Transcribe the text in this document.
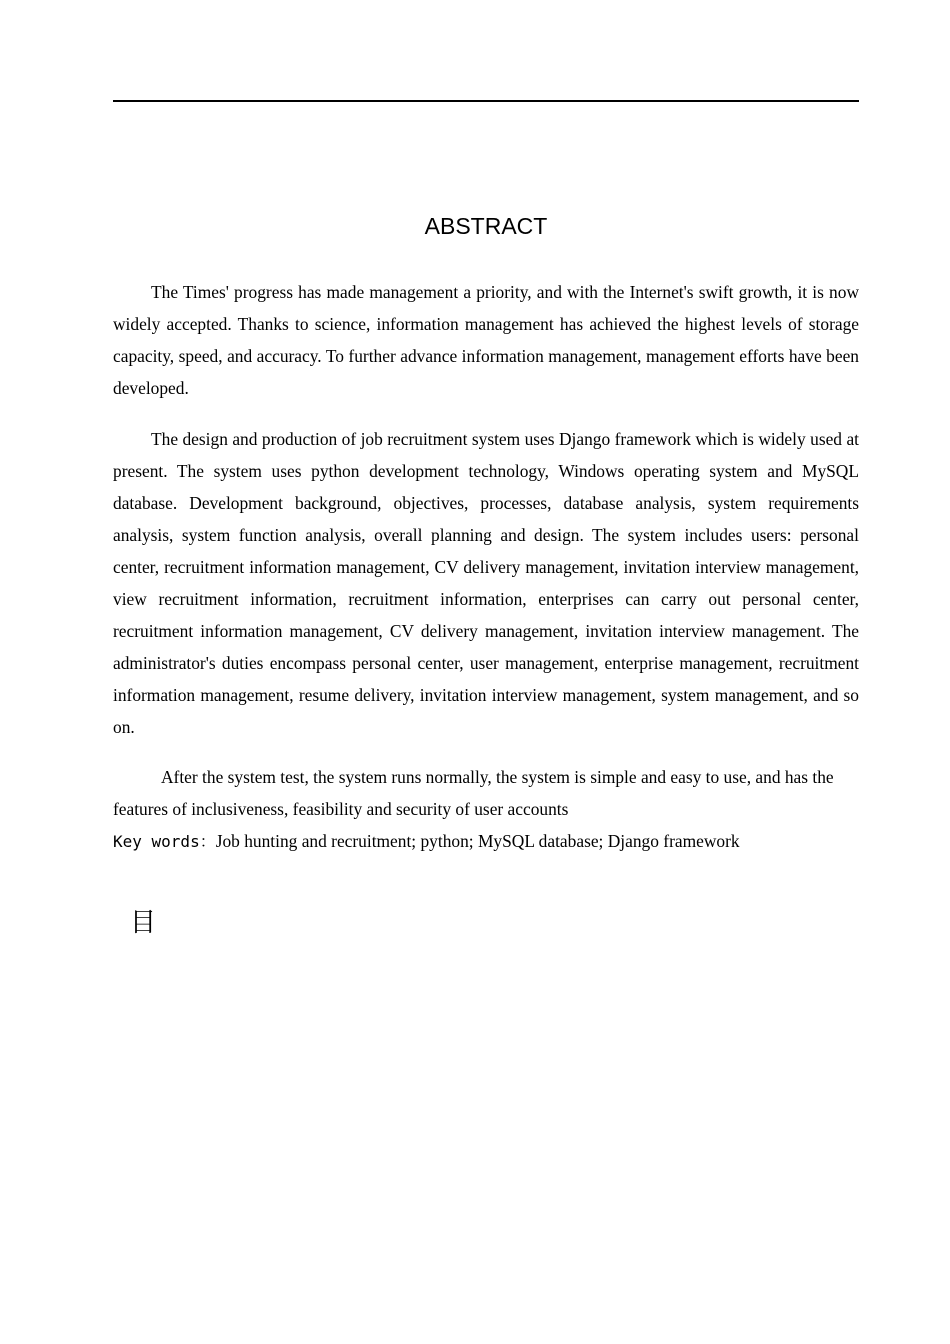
ABSTRACT

The Times' progress has made management a priority, and with the Internet's swift growth, it is now widely accepted. Thanks to science, information management has achieved the highest levels of storage capacity, speed, and accuracy. To further advance information management, management efforts have been developed.

The design and production of job recruitment system uses Django framework which is widely used at present. The system uses python development technology, Windows operating system and MySQL database. Development background, objectives, processes, database analysis, system requirements analysis, system function analysis, overall planning and design. The system includes users: personal center, recruitment information management, CV delivery management, invitation interview management, view recruitment information, recruitment information, enterprises can carry out personal center, recruitment information management, CV delivery management, invitation interview management. The administrator's duties encompass personal center, user management, enterprise management, recruitment information management, resume delivery, invitation interview management, system management, and so on.

After the system test, the system runs normally, the system is simple and easy to use, and has the features of inclusiveness, feasibility and security of user accounts

Key words：Job hunting and recruitment; python; MySQL database; Django framework

目
